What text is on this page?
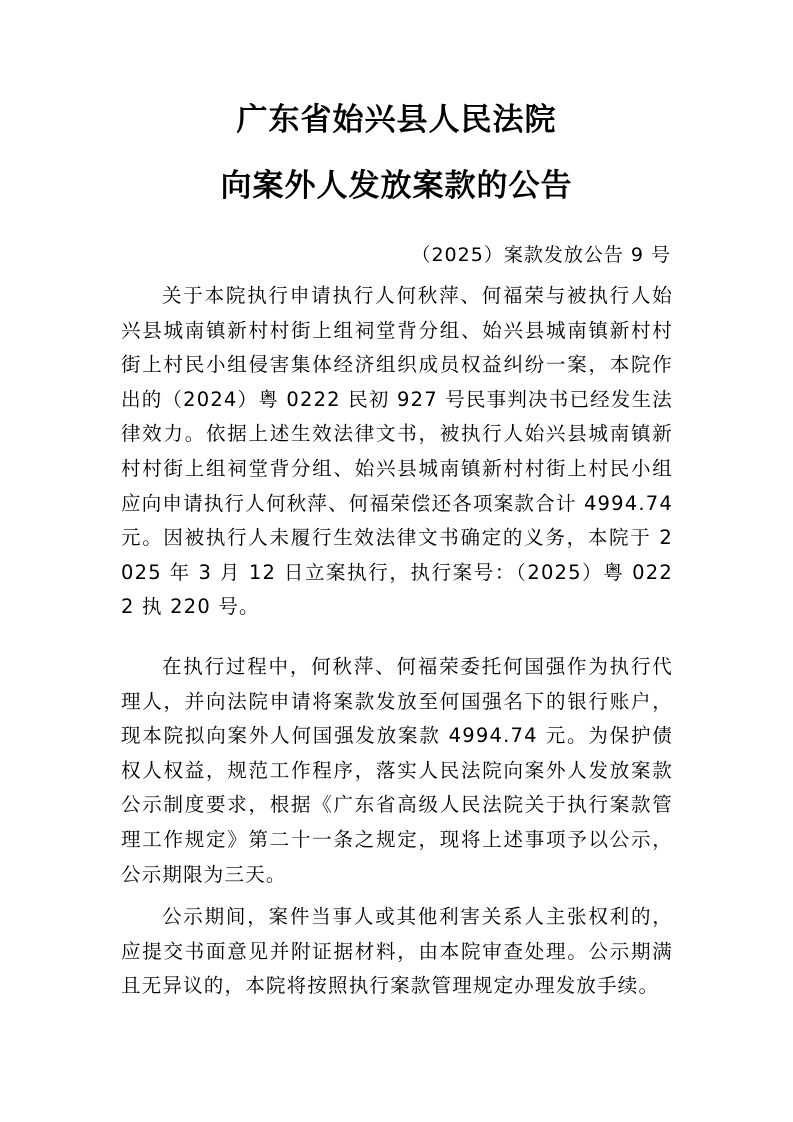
广东省始兴县人民法院
向案外人发放案款的公告
（2025）案款发放公告 9 号

关于本院执行申请执行人何秋萍、何福荣与被执行人始兴县城南镇新村村街上组祠堂背分组、始兴县城南镇新村村街上村民小组侵害集体经济组织成员权益纠纷一案，本院作出的（2024）粤 0222 民初 927 号民事判决书已经发生法律效力。依据上述生效法律文书，被执行人始兴县城南镇新村村街上组祠堂背分组、始兴县城南镇新村村街上村民小组应向申请执行人何秋萍、何福荣偿还各项案款合计 4994.74 元。因被执行人未履行生效法律文书确定的义务，本院于 2025 年 3 月 12 日立案执行，执行案号：（2025）粤 0222 执 220 号。

在执行过程中，何秋萍、何福荣委托何国强作为执行代理人，并向法院申请将案款发放至何国强名下的银行账户，现本院拟向案外人何国强发放案款 4994.74 元。为保护债权人权益，规范工作程序，落实人民法院向案外人发放案款公示制度要求，根据《广东省高级人民法院关于执行案款管理工作规定》第二十一条之规定，现将上述事项予以公示，公示期限为三天。

公示期间，案件当事人或其他利害关系人主张权利的，应提交书面意见并附证据材料，由本院审查处理。公示期满且无异议的，本院将按照执行案款管理规定办理发放手续。
